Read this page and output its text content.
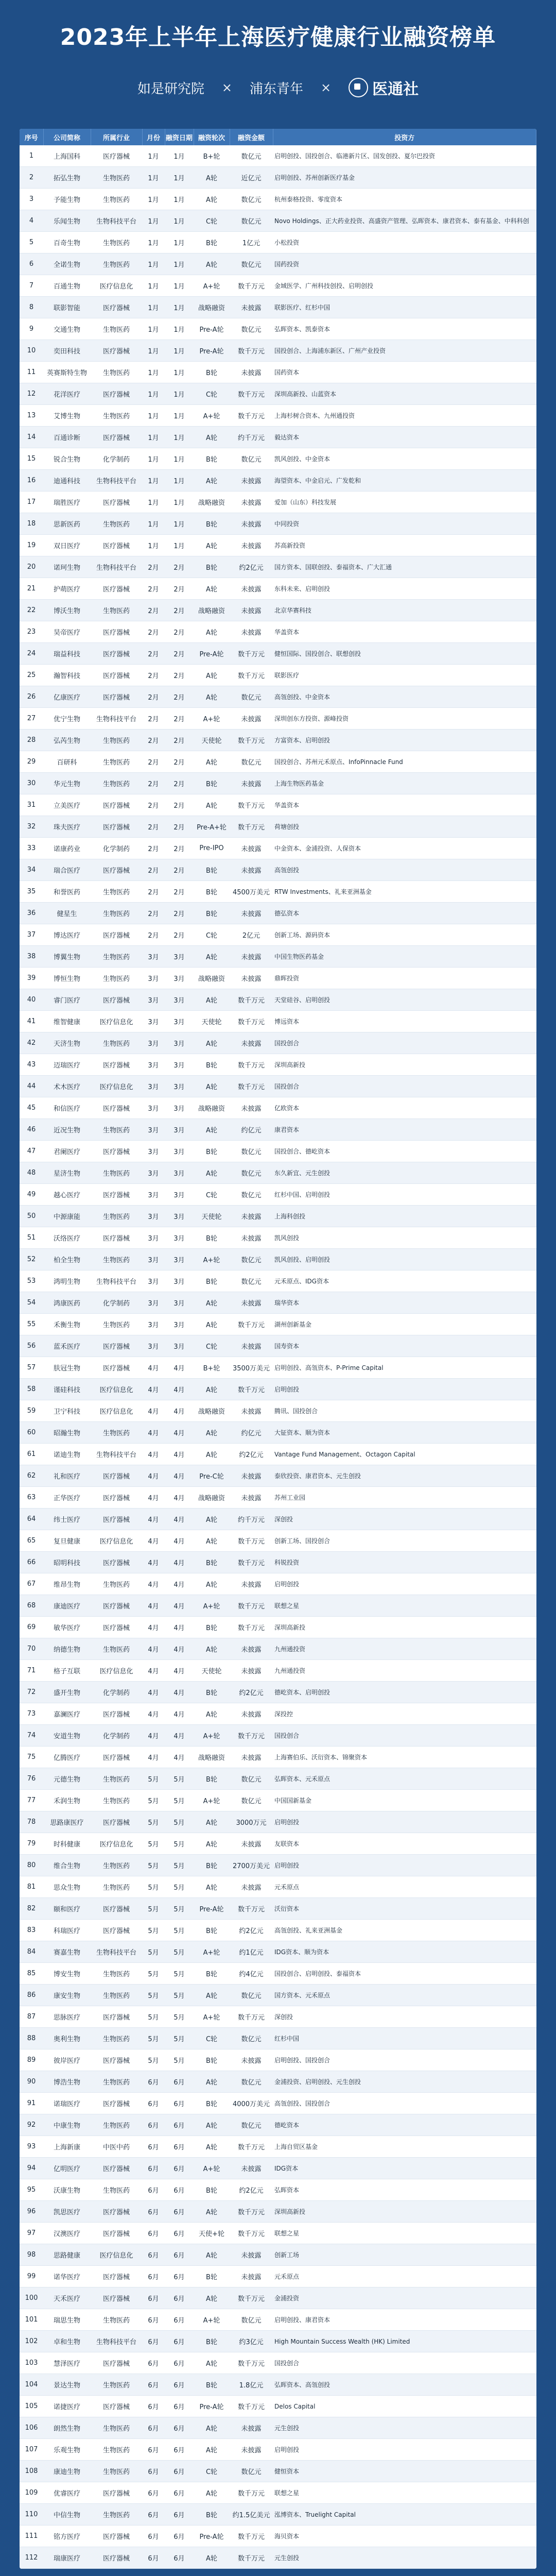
2023年上半年上海医疗健康行业融资榜单
如是研究院 × 浦东青年 ×	医通社
序号	公司简称	所属行业	月份	融资日期	融资轮次	融资金额	投资方
1	上海国科	医疗器械	1月	1月	B+轮	数亿元	启明创投、国投创合、临港新片区、国发创投、夏尔巴投资
2	拓弘生物	生物医药	1月	1月	A轮	近亿元	启明创投、苏州创新医疗基金
3	予能生物	生物医药	1月	1月	A轮	数亿元	杭州泰格投资、零度资本
4	乐闻生物	生物科技平台	1月	1月	C轮	数亿元	Novo Holdings、正大药业投资、高盛资产管理、弘晖资本、康君资本、泰有基金、中科科创
5	百奇生物	生物医药	1月	1月	B轮	1亿元	小松投资
6	全诺生物	生物医药	1月	1月	A轮	数亿元	国药投资
7	百通生物	医疗信息化	1月	1月	A+轮	数千万元	金域医学、广州科技创投、启明创投
8	联影智能	医疗器械	1月	1月	战略融资	未披露	联影医疗、红杉中国
9	交通生物	生物医药	1月	1月	Pre-A轮	数亿元	弘晖资本、凯泰资本
10	奕田科技	医疗器械	1月	1月	Pre-A轮	数千万元	国投创合、上海浦东新区、广州产业投资
11	英赛斯特生物	生物医药	1月	1月	B轮	未披露	国药资本
12	花洋医疗	医疗器械	1月	1月	C轮	数千万元	深圳高新投、山蓝资本
13	艾博生物	生物医药	1月	1月	A+轮	数千万元	上海杉树合资本、九州通投资
14	百通诊断	医疗器械	1月	1月	A轮	约千万元	毅达资本
15	锐合生物	化学制药	1月	1月	B轮	数亿元	凯风创投、中金资本
16	迪通科技	生物科技平台	1月	1月	A轮	未披露	海望资本、中金启元、广发乾和
17	瑞胜医疗	医疗器械	1月	1月	战略融资	未披露	爱加（山东）科技发展
18	思新医药	生物医药	1月	1月	B轮	未披露	中同投资
19	双日医疗	医疗器械	1月	1月	A轮	未披露	苏高新投资
20	诺珂生物	生物科技平台	2月	2月	B轮	约2亿元	国方资本、国联创投、泰福资本、广大汇通
21	护萌医疗	医疗器械	2月	2月	A轮	未披露	东科未来、启明创投
22	博沃生物	生物医药	2月	2月	战略融资	未披露	北京华赛科技
23	昊帝医疗	医疗器械	2月	2月	A轮	未披露	华盖资本
24	瑞益科技	医疗器械	2月	2月	Pre-A轮	数千万元	健恒国际、国投创合、联想创投
25	瀚智科技	医疗器械	2月	2月	A轮	数千万元	联影医疗
26	亿康医疗	医疗器械	2月	2月	A轮	数亿元	高瓴创投、中金资本
27	优宁生物	生物科技平台	2月	2月	A+轮	未披露	深圳创东方投资、源峰投资
28	弘芮生物	生物医药	2月	2月	天使轮	数千万元	方富资本、启明创投
29	百研科	生物医药	2月	2月	A轮	数亿元	国投创合、苏州元禾原点、InfoPinnacle Fund
30	华元生物	生物医药	2月	2月	B轮	未披露	上海生物医药基金
31	立美医疗	医疗器械	2月	2月	A轮	数千万元	华盖资本
32	珠夫医疗	医疗器械	2月	2月	Pre-A+轮	数千万元	荷塘创投
33	诺康药业	化学制药	2月	2月	Pre-IPO	未披露	中金资本、金浦投资、人保资本
34	瑞合医疗	医疗器械	2月	2月	B轮	未披露	高瓴创投
35	和誉医药	生物医药	2月	2月	B轮	4500万美元	RTW Investments、礼来亚洲基金
36	健星生	生物医药	2月	2月	B轮	未披露	德弘资本
37	博达医疗	医疗器械	2月	2月	C轮	2亿元	创新工场、源码资本
38	博翼生物	生物医药	3月	3月	A轮	未披露	中国生物医药基金
39	博恒生物	生物医药	3月	3月	战略融资	未披露	鼎晖投资
40	睿门医疗	医疗器械	3月	3月	A轮	数千万元	天堂硅谷、启明创投
41	维智健康	医疗信息化	3月	3月	天使轮	数千万元	博远资本
42	天济生物	生物医药	3月	3月	A轮	未披露	国投创合
43	迈瑞医疗	医疗器械	3月	3月	B轮	数千万元	深圳高新投
44	术木医疗	医疗信息化	3月	3月	A轮	数千万元	国投创合
45	和信医疗	医疗器械	3月	3月	战略融资	未披露	亿欧资本
46	近况生物	生物医药	3月	3月	A轮	约亿元	康君资本
47	君阑医疗	医疗器械	3月	3月	B轮	数亿元	国投创合、德屹资本
48	星济生物	生物医药	3月	3月	A轮	数亿元	东久新宜、元生创投
49	越心医疗	医疗器械	3月	3月	C轮	数亿元	红杉中国、启明创投
50	中源康能	生物医药	3月	3月	天使轮	未披露	上海科创投
51	沃络医疗	医疗器械	3月	3月	B轮	未披露	凯风创投
52	柏全生物	生物医药	3月	3月	A+轮	数亿元	凯风创投、启明创投
53	鸿明生物	生物科技平台	3月	3月	B轮	数亿元	元禾原点、IDG资本
54	鸿康医药	化学制药	3月	3月	A轮	未披露	瑞华资本
55	禾衡生物	生物医药	3月	3月	A轮	数千万元	湖州创新基金
56	蓝禾医疗	医疗器械	3月	3月	C轮	未披露	国寿资本
57	肤冠生物	医疗器械	4月	4月	B+轮	3500万美元	启明创投、高瓴资本、P-Prime Capital
58	谨硅科技	医疗信息化	4月	4月	A轮	数千万元	启明创投
59	卫宁科技	医疗信息化	4月	4月	战略融资	未披露	腾讯、国投创合
60	昭瀚生物	生物医药	4月	4月	A轮	约亿元	大钲资本、顺为资本
61	诺迪生物	生物科技平台	4月	4月	A轮	约2亿元	Vantage Fund Management、Octagon Capital
62	礼和医疗	医疗器械	4月	4月	Pre-C轮	未披露	泰欣投资、康君资本、元生创投
63	正华医疗	医疗器械	4月	4月	战略融资	未披露	苏州工业园
64	纬士医疗	医疗器械	4月	4月	A轮	约千万元	深创投
65	复旦健康	医疗信息化	4月	4月	A轮	数千万元	创新工场、国投创合
66	昭明科技	医疗器械	4月	4月	B轮	数千万元	科锐投资
67	维昂生物	生物医药	4月	4月	A轮	未披露	启明创投
68	康迪医疗	医疗器械	4月	4月	A+轮	数千万元	联想之星
69	敏华医疗	医疗器械	4月	4月	B轮	数千万元	深圳高新投
70	纳德生物	生物医药	4月	4月	A轮	未披露	九州通投资
71	格子互联	医疗信息化	4月	4月	天使轮	未披露	九州通投资
72	盛开生物	化学制药	4月	4月	B轮	约2亿元	德屹资本、启明创投
73	嘉澜医疗	医疗器械	4月	4月	A轮	未披露	深投控
74	安道生物	化学制药	4月	4月	A+轮	数千万元	国投创合
75	亿腾医疗	医疗器械	4月	4月	战略融资	未披露	上海赛伯乐、沃衍资本、锦聚资本
76	元德生物	生物医药	5月	5月	B轮	数亿元	弘晖资本、元禾原点
77	禾润生物	生物医药	5月	5月	A+轮	数亿元	中国国新基金
78	思路康医疗	医疗器械	5月	5月	A轮	3000万元	启明创投
79	时科健康	医疗信息化	5月	5月	A轮	未披露	友联资本
80	维合生物	生物医药	5月	5月	B轮	2700万美元	启明创投
81	思众生物	生物医药	5月	5月	A轮	未披露	元禾原点
82	颐和医疗	医疗器械	5月	5月	Pre-A轮	数千万元	沃衍资本
83	科瑞医疗	医疗器械	5月	5月	B轮	约2亿元	高瓴创投、礼来亚洲基金
84	赛嘉生物	生物科技平台	5月	5月	A+轮	约1亿元	IDG资本、顺为资本
85	博安生物	生物医药	5月	5月	B轮	约4亿元	国投创合、启明创投、泰福资本
86	康安生物	生物医药	5月	5月	A轮	数亿元	国方资本、元禾原点
87	思脉医疗	医疗器械	5月	5月	A+轮	数千万元	深创投
88	奥利生物	生物医药	5月	5月	C轮	数亿元	红杉中国
89	彼岸医疗	医疗器械	5月	5月	B轮	未披露	启明创投、国投创合
90	博浩生物	生物医药	6月	6月	A轮	数亿元	金浦投资、启明创投、元生创投
91	诺瑞医疗	医疗器械	6月	6月	B轮	4000万美元	高瓴创投、国投创合
92	中康生物	生物医药	6月	6月	A轮	数亿元	德屹资本
93	上海新康	中医中药	6月	6月	A轮	数千万元	上海自贸区基金
94	亿明医疗	医疗器械	6月	6月	A+轮	未披露	IDG资本
95	沃康生物	生物医药	6月	6月	B轮	约2亿元	弘晖资本
96	凯思医疗	医疗器械	6月	6月	A轮	数千万元	深圳高新投
97	汉澳医疗	医疗器械	6月	6月	天使+轮	数千万元	联想之星
98	思路健康	医疗信息化	6月	6月	A轮	未披露	创新工场
99	诺华医疗	医疗器械	6月	6月	B轮	未披露	元禾原点
100	天禾医疗	医疗器械	6月	6月	A轮	数千万元	金浦投资
101	瑞思生物	生物医药	6月	6月	A+轮	数亿元	启明创投、康君资本
102	卓和生物	生物科技平台	6月	6月	B轮	约3亿元	High Mountain Success Wealth (HK) Limited
103	慧泽医疗	医疗器械	6月	6月	A轮	数千万元	国投创合
104	景达生物	生物医药	6月	6月	B轮	1.8亿元	弘晖资本、高瓴创投
105	诺捷医疗	医疗器械	6月	6月	Pre-A轮	数千万元	Delos Capital
106	朗然生物	生物医药	6月	6月	A轮	未披露	元生创投
107	乐观生物	生物医药	6月	6月	A轮	未披露	启明创投
108	康迪生物	生物医药	6月	6月	C轮	数亿元	健恒资本
109	优睿医疗	医疗器械	6月	6月	A轮	数千万元	联想之星
110	中信生物	生物医药	6月	6月	B轮	约1.5亿美元	泓博资本、Truelight Capital
111	铭方医疗	医疗器械	6月	6月	Pre-A轮	数千万元	海贝资本
112	瑞康医疗	医疗器械	6月	6月	A轮	数千万元	元生创投
